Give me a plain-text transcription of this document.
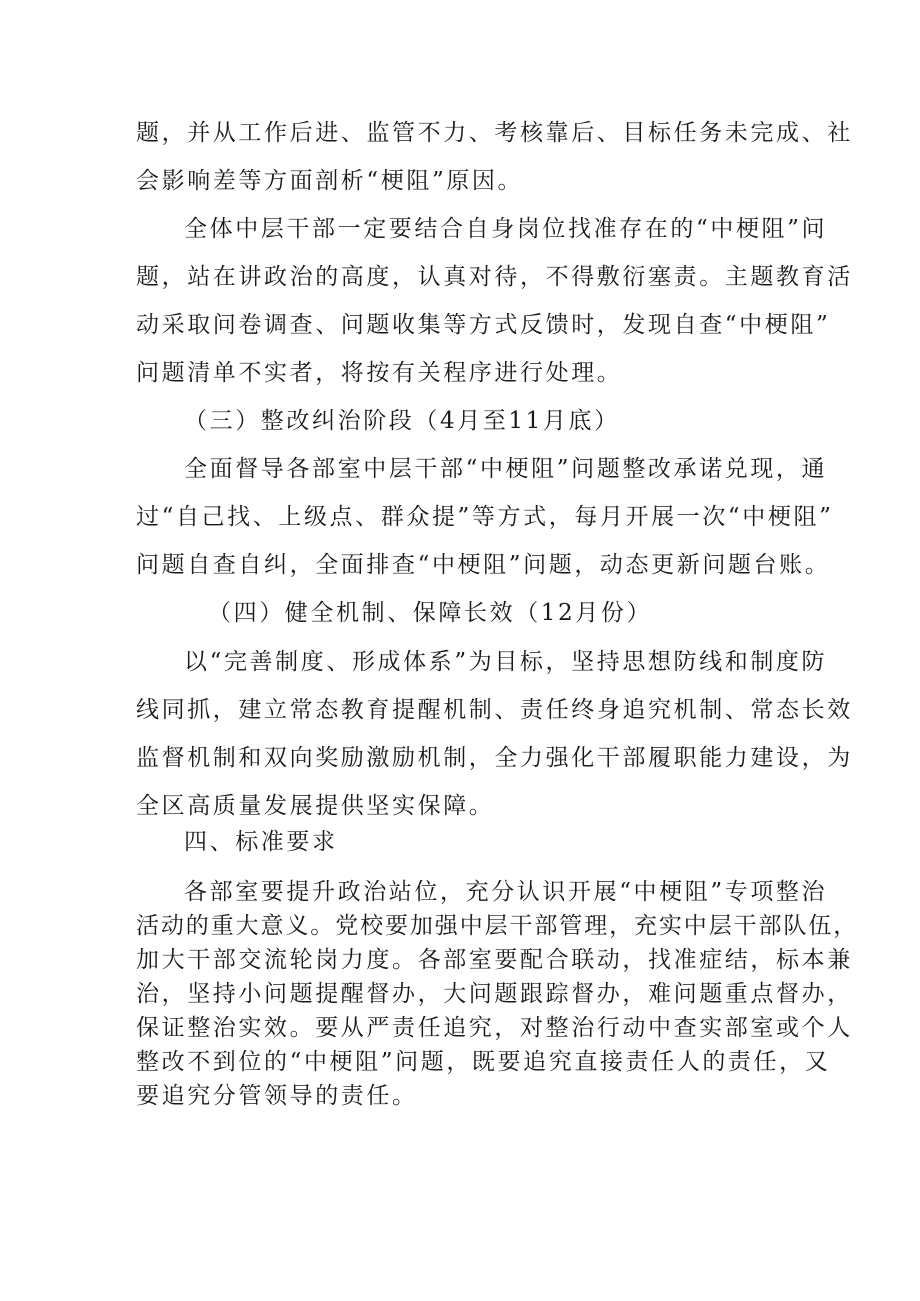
题，并从工作后进、监管不力、考核靠后、目标任务未完成、社
会影响差等方面剖析“梗阻”原因。
全体中层干部一定要结合自身岗位找准存在的“中梗阻”问
题，站在讲政治的高度，认真对待，不得敷衍塞责。主题教育活
动采取问卷调查、问题收集等方式反馈时，发现自查“中梗阻”
问题清单不实者，将按有关程序进行处理。
（三）整改纠治阶段（4月至11月底）
全面督导各部室中层干部“中梗阻”问题整改承诺兑现，通
过“自己找、上级点、群众提”等方式，每月开展一次“中梗阻”
问题自查自纠，全面排查“中梗阻”问题，动态更新问题台账。
（四）健全机制、保障长效（12月份）
以“完善制度、形成体系”为目标，坚持思想防线和制度防
线同抓，建立常态教育提醒机制、责任终身追究机制、常态长效
监督机制和双向奖励激励机制，全力强化干部履职能力建设，为
全区高质量发展提供坚实保障。
四、标准要求
各部室要提升政治站位，充分认识开展“中梗阻”专项整治
活动的重大意义。党校要加强中层干部管理，充实中层干部队伍，
加大干部交流轮岗力度。各部室要配合联动，找准症结，标本兼
治，坚持小问题提醒督办，大问题跟踪督办，难问题重点督办，
保证整治实效。要从严责任追究，对整治行动中查实部室或个人
整改不到位的“中梗阻”问题，既要追究直接责任人的责任，又
要追究分管领导的责任。
